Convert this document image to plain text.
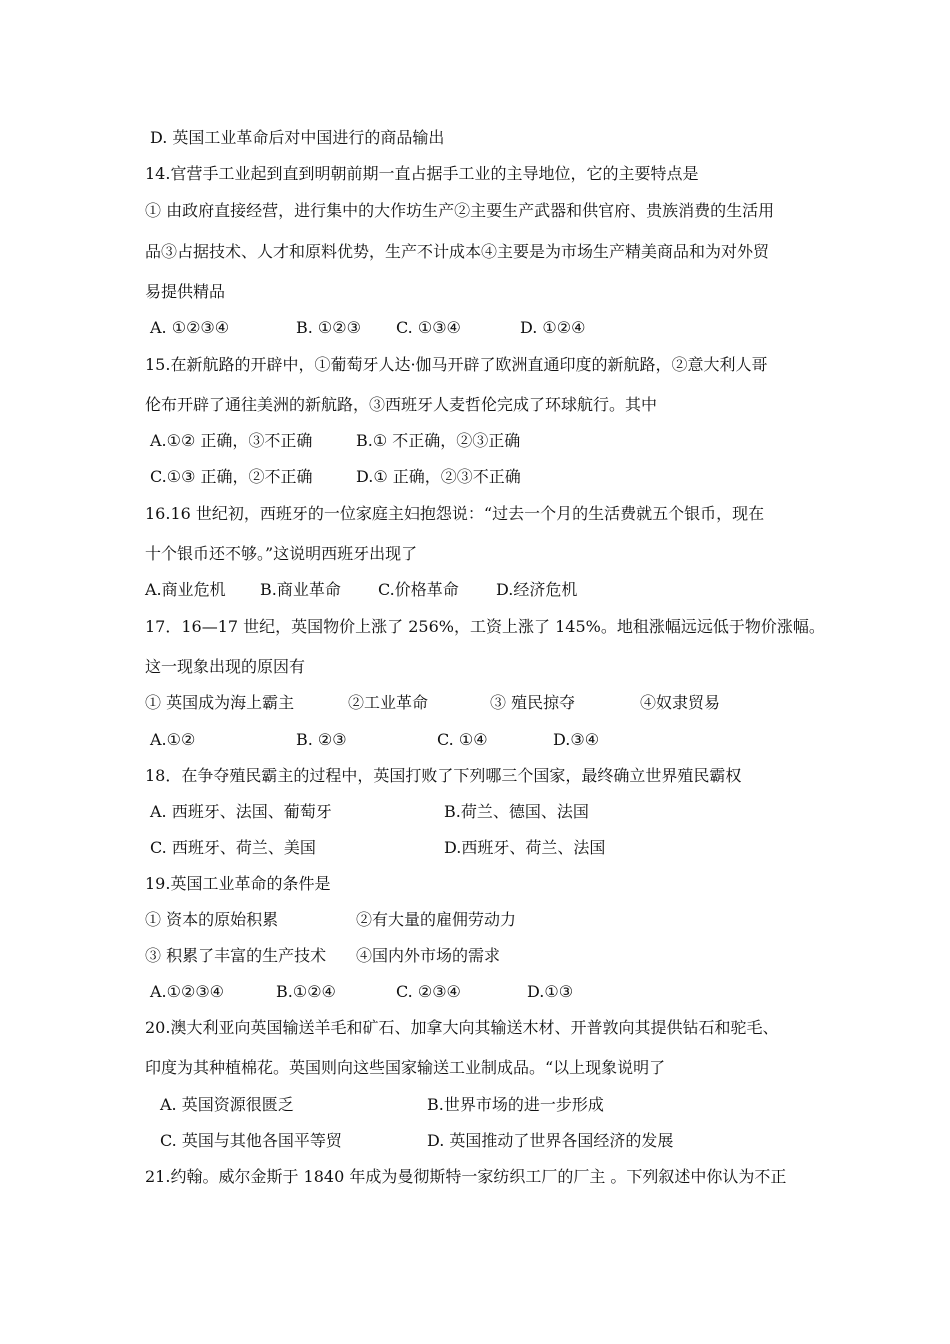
D. 英国工业革命后对中国进行的商品输出
14.官营手工业起到直到明朝前期一直占据手工业的主导地位，它的主要特点是
① 由政府直接经营，进行集中的大作坊生产②主要生产武器和供官府、贵族消费的生活用
品③占据技术、人才和原料优势，生产不计成本④主要是为市场生产精美商品和为对外贸
易提供精品
A. ①②③④	B. ①②③ C. ①③④	D. ①②④
15.在新航路的开辟中，①葡萄牙人达·伽马开辟了欧洲直通印度的新航路，②意大利人哥
伦布开辟了通往美洲的新航路，③西班牙人麦哲伦完成了环球航行。其中
A.①② 正确，③不正确	B.① 不正确，②③正确
C.①③ 正确，②不正确	D.① 正确，②③不正确
16.16 世纪初，西班牙的一位家庭主妇抱怨说：“过去一个月的生活费就五个银币，现在
十个银币还不够。”这说明西班牙出现了
A.商业危机 B.商业革命 C.价格革命 D.经济危机
17．16—17 世纪，英国物价上涨了 256%，工资上涨了 145%。地租涨幅远远低于物价涨幅。
这一现象出现的原因有
① 英国成为海上霸主	②工业革命	③ 殖民掠夺	④奴隶贸易
A.①②	B. ②③	C. ①④	D.③④
18．在争夺殖民霸主的过程中，英国打败了下列哪三个国家，最终确立世界殖民霸权
A. 西班牙、法国、葡萄牙	B.荷兰、德国、法国
C. 西班牙、荷兰、美国	D.西班牙、荷兰、法国
19.英国工业革命的条件是
① 资本的原始积累	②有大量的雇佣劳动力
③ 积累了丰富的生产技术 ④国内外市场的需求
A.①②③④	B.①②④	C. ②③④	D.①③
20.澳大利亚向英国输送羊毛和矿石、加拿大向其输送木材、开普敦向其提供钻石和驼毛、
印度为其种植棉花。英国则向这些国家输送工业制成品。“以上现象说明了
A. 英国资源很匮乏	B.世界市场的进一步形成
C. 英国与其他各国平等贸	D. 英国推动了世界各国经济的发展
21.约翰。威尔金斯于 1840 年成为曼彻斯特一家纺织工厂的厂主 。下列叙述中你认为不正
